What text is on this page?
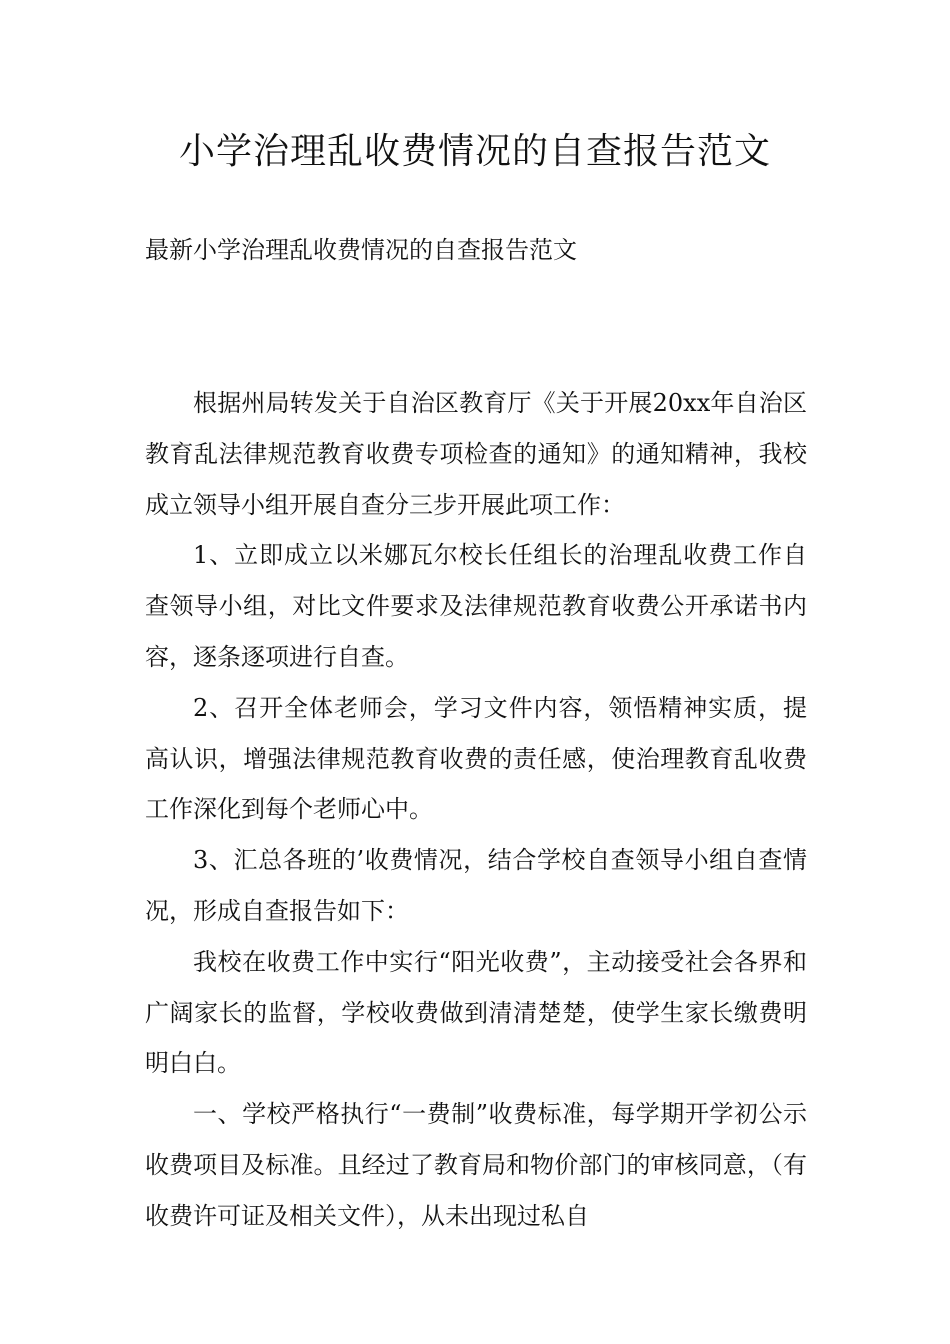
小学治理乱收费情况的自查报告范文

最新小学治理乱收费情况的自查报告范文

根据州局转发关于自治区教育厅《关于开展20xx年自治区教育乱法律规范教育收费专项检查的通知》的通知精神，我校成立领导小组开展自查分三步开展此项工作：

1、立即成立以米娜瓦尔校长任组长的治理乱收费工作自查领导小组，对比文件要求及法律规范教育收费公开承诺书内容，逐条逐项进行自查。

2、召开全体老师会，学习文件内容，领悟精神实质，提高认识，增强法律规范教育收费的责任感，使治理教育乱收费工作深化到每个老师心中。

3、汇总各班的’收费情况，结合学校自查领导小组自查情况，形成自查报告如下：

我校在收费工作中实行“阳光收费”，主动接受社会各界和广阔家长的监督，学校收费做到清清楚楚，使学生家长缴费明明白白。

一、学校严格执行“一费制”收费标准，每学期开学初公示收费项目及标准。且经过了教育局和物价部门的审核同意，（有收费许可证及相关文件），从未出现过私自
